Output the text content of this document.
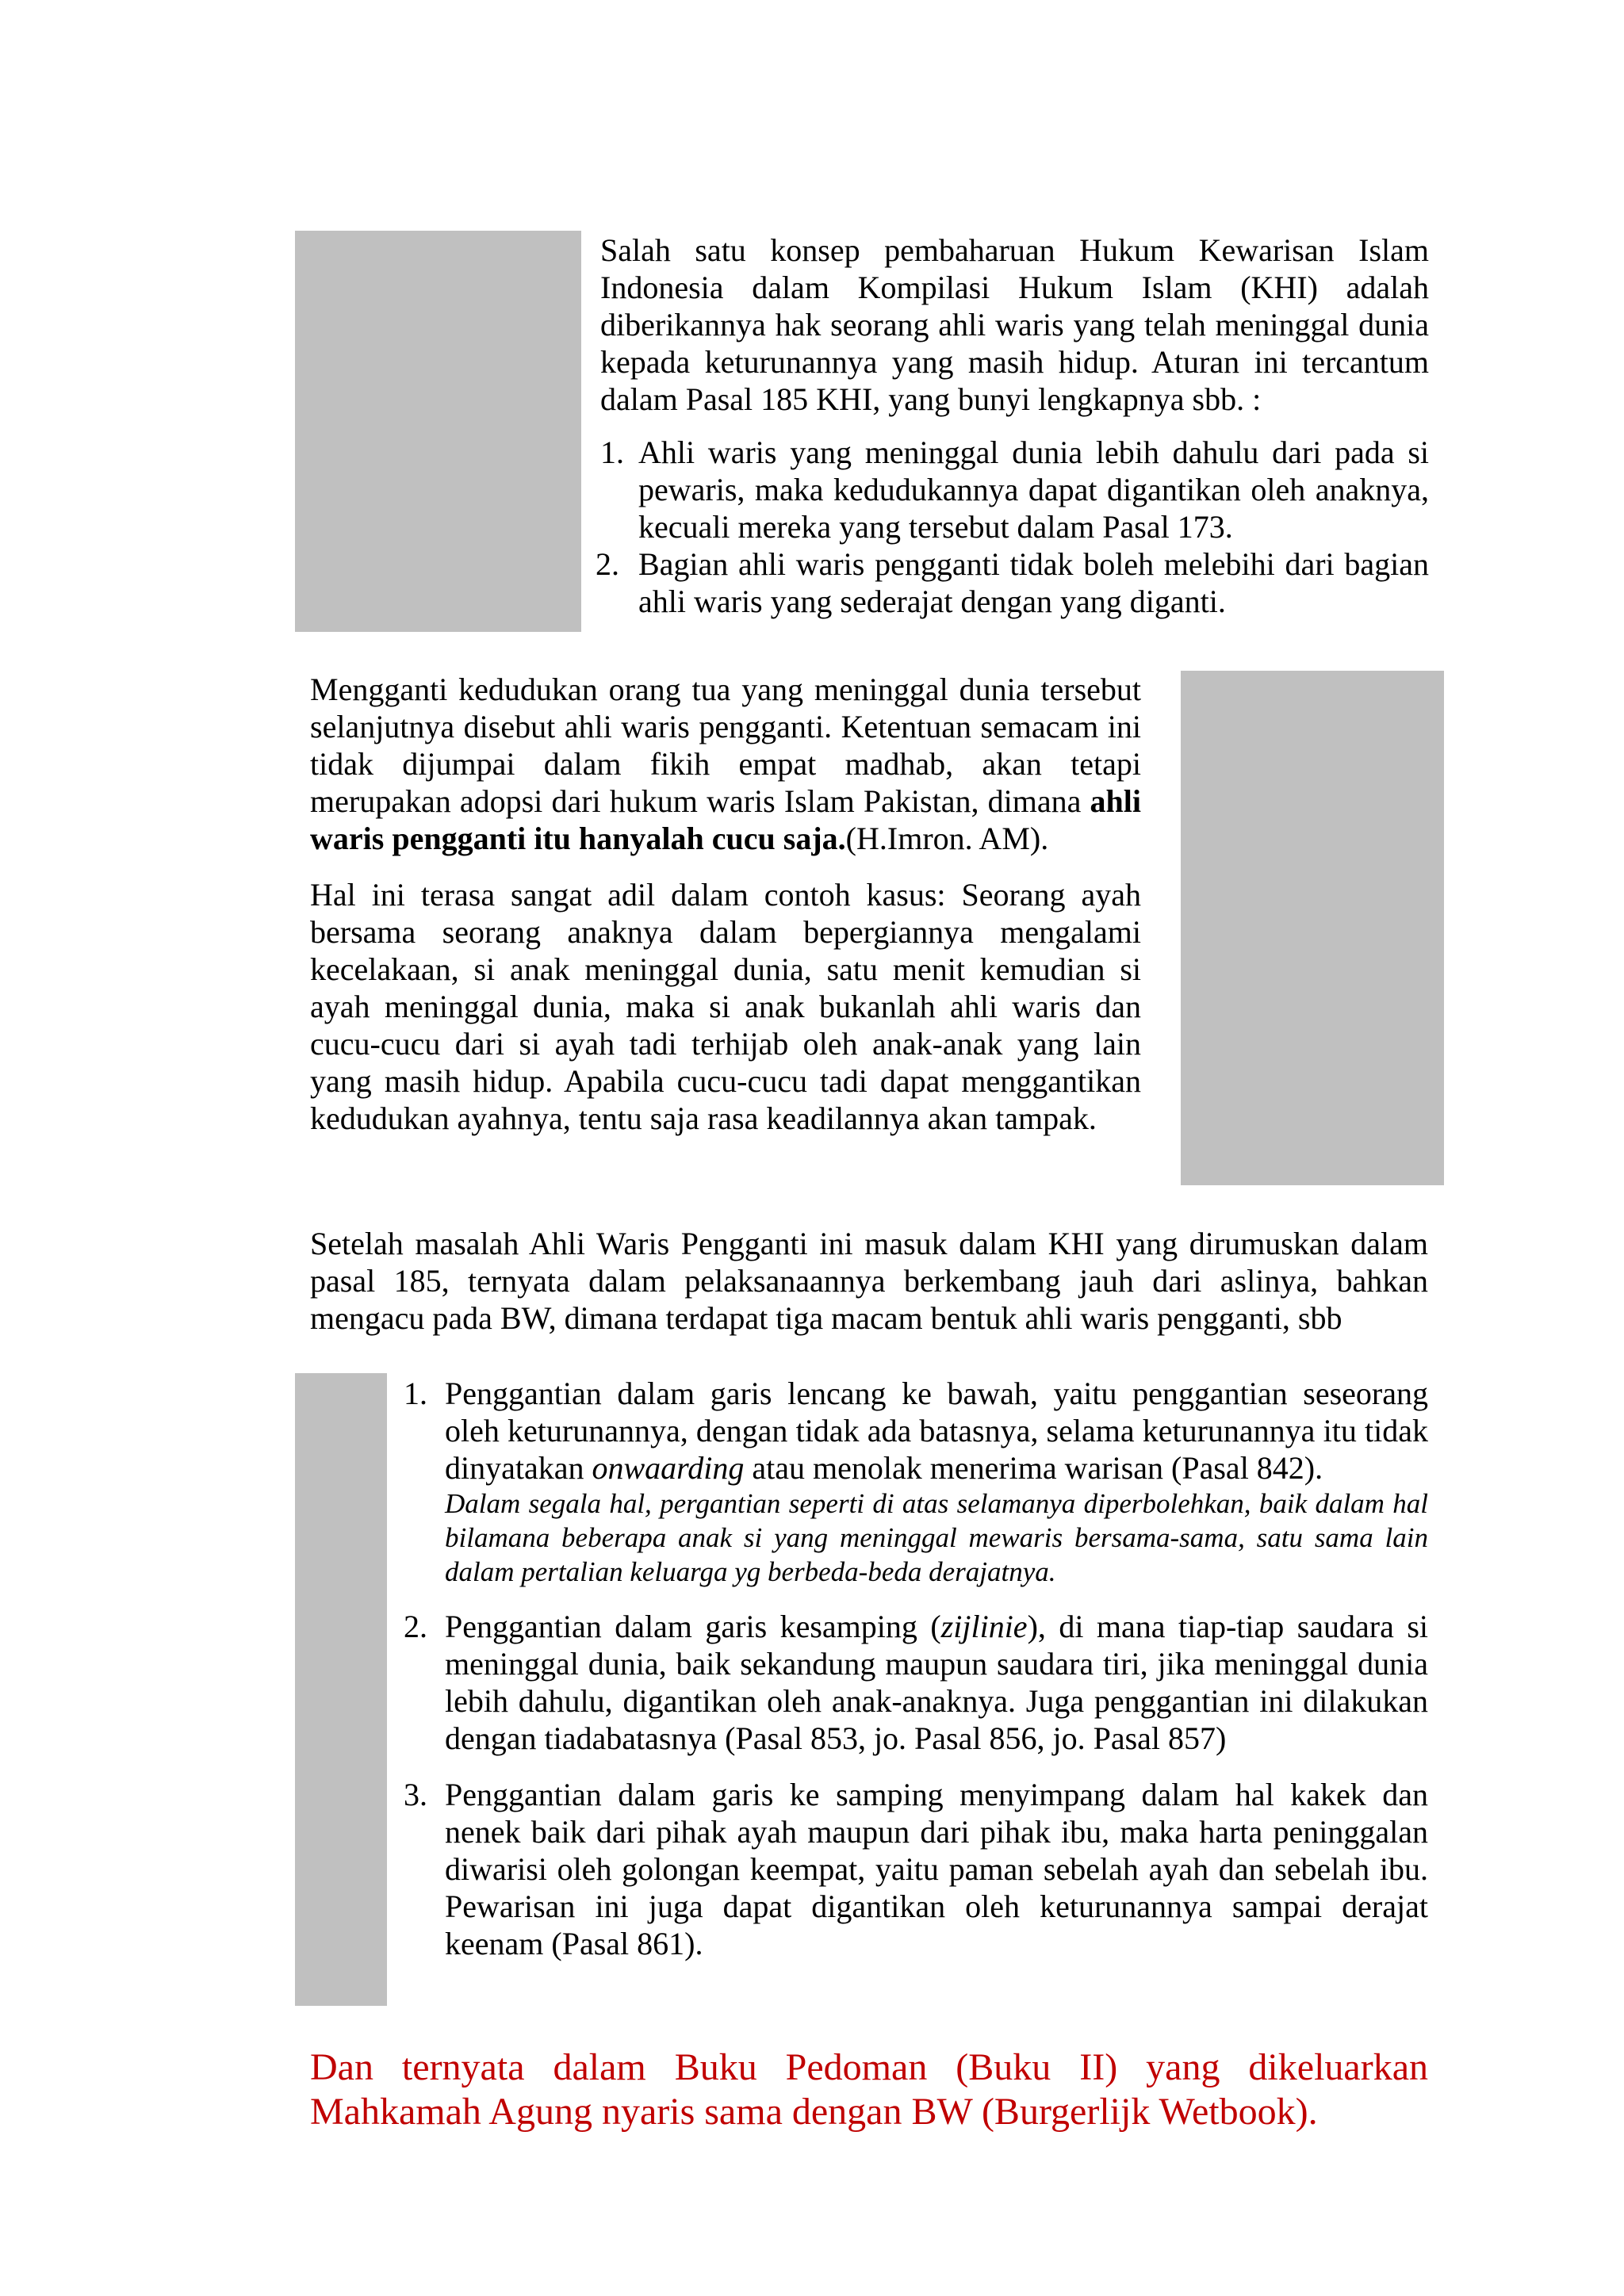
Salah satu konsep pembaharuan Hukum Kewarisan Islam Indonesia dalam Kompilasi Hukum Islam (KHI) adalah diberikannya hak seorang ahli waris yang telah meninggal dunia kepada keturunannya yang masih hidup. Aturan ini tercantum dalam Pasal 185 KHI, yang bunyi lengkapnya sbb. :

1. Ahli waris yang meninggal dunia lebih dahulu dari pada si pewaris, maka kedudukannya dapat digantikan oleh anaknya, kecuali mereka yang tersebut dalam Pasal 173.
2. Bagian ahli waris pengganti tidak boleh melebihi dari bagian ahli waris yang sederajat dengan yang diganti.

Mengganti kedudukan orang tua yang meninggal dunia tersebut selanjutnya disebut ahli waris pengganti. Ketentuan semacam ini tidak dijumpai dalam fikih empat madhab, akan tetapi merupakan adopsi dari hukum waris Islam Pakistan, dimana ahli waris pengganti itu hanyalah cucu saja.(H.Imron. AM).

Hal ini terasa sangat adil dalam contoh kasus: Seorang ayah bersama seorang anaknya dalam bepergiannya mengalami kecelakaan, si anak meninggal dunia, satu menit kemudian si ayah meninggal dunia, maka si anak bukanlah ahli waris dan cucu-cucu dari si ayah tadi terhijab oleh anak-anak yang lain yang masih hidup. Apabila cucu-cucu tadi dapat menggantikan kedudukan ayahnya, tentu saja rasa keadilannya akan tampak.

Setelah masalah Ahli Waris Pengganti ini masuk dalam KHI yang dirumuskan dalam pasal 185, ternyata dalam pelaksanaannya berkembang jauh dari aslinya, bahkan mengacu pada BW, dimana terdapat tiga macam bentuk ahli waris pengganti, sbb

1. Penggantian dalam garis lencang ke bawah, yaitu penggantian seseorang oleh keturunannya, dengan tidak ada batasnya, selama keturunannya itu tidak dinyatakan onwaarding atau menolak menerima warisan (Pasal 842).

Dalam segala hal, pergantian seperti di atas selamanya diperbolehkan, baik dalam hal bilamana beberapa anak si yang meninggal mewaris bersama-sama, satu sama lain dalam pertalian keluarga yg berbeda-beda derajatnya.

2. Penggantian dalam garis kesamping (zijlinie), di mana tiap-tiap saudara si meninggal dunia, baik sekandung maupun saudara tiri, jika meninggal dunia lebih dahulu, digantikan oleh anak-anaknya. Juga penggantian ini dilakukan dengan tiadabatasnya (Pasal 853, jo. Pasal 856, jo. Pasal 857)

3. Penggantian dalam garis ke samping menyimpang dalam hal kakek dan nenek baik dari pihak ayah maupun dari pihak ibu, maka harta peninggalan diwarisi oleh golongan keempat, yaitu paman sebelah ayah dan sebelah ibu. Pewarisan ini juga dapat digantikan oleh keturunannya sampai derajat keenam (Pasal 861).

Dan ternyata dalam Buku Pedoman (Buku II) yang dikeluarkan Mahkamah Agung nyaris sama dengan BW (Burgerlijk Wetbook).
